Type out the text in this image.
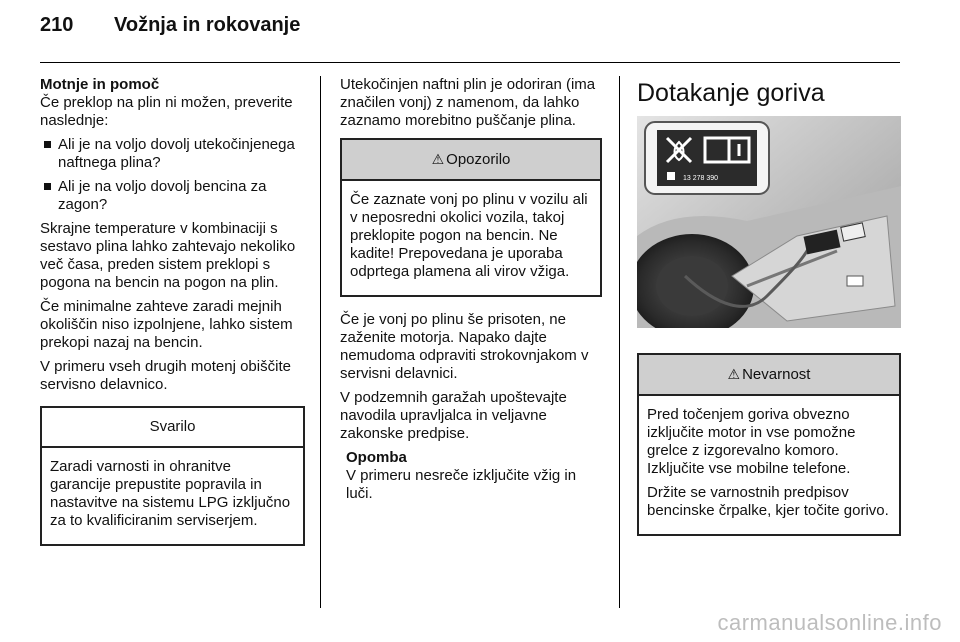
210	Vožnja in rokovanje

Motnje in pomoč

Če preklop na plin ni možen, preverite naslednje:

Ali je na voljo dovolj utekočinjenega naftnega plina?
Ali je na voljo dovolj bencina za zagon?

Skrajne temperature v kombinaciji s sestavo plina lahko zahtevajo nekoliko več časa, preden sistem preklopi s pogona na bencin na pogon na plin.

Če minimalne zahteve zaradi mejnih okoliščin niso izpolnjene, lahko sistem prekopi nazaj na bencin.

V primeru vseh drugih motenj obiščite servisno delavnico.

Svarilo

Zaradi varnosti in ohranitve garancije prepustite popravila in nastavitve na sistemu LPG izključno za to kvalificiranim serviserjem.

Utekočinjen naftni plin je odoriran (ima značilen vonj) z namenom, da lahko zaznamo morebitno puščanje plina.

⚠ Opozorilo

Če zaznate vonj po plinu v vozilu ali v neposredni okolici vozila, takoj preklopite pogon na bencin. Ne kadite! Prepovedana je uporaba odprtega plamena ali virov vžiga.

Če je vonj po plinu še prisoten, ne zaženite motorja. Napako dajte nemudoma odpraviti strokovnjakom v servisni delavnici.

V podzemnih garažah upoštevajte navodila upravljalca in veljavne zakonske predpise.

Opomba
V primeru nesreče izključite vžig in luči.
Dotakanje goriva
13 278 390
⚠ Nevarnost

Pred točenjem goriva obvezno izključite motor in vse pomožne grelce z izgorevalno komoro. Izključite vse mobilne telefone.

Držite se varnostnih predpisov bencinske črpalke, kjer točite gorivo.

carmanualsonline.info
